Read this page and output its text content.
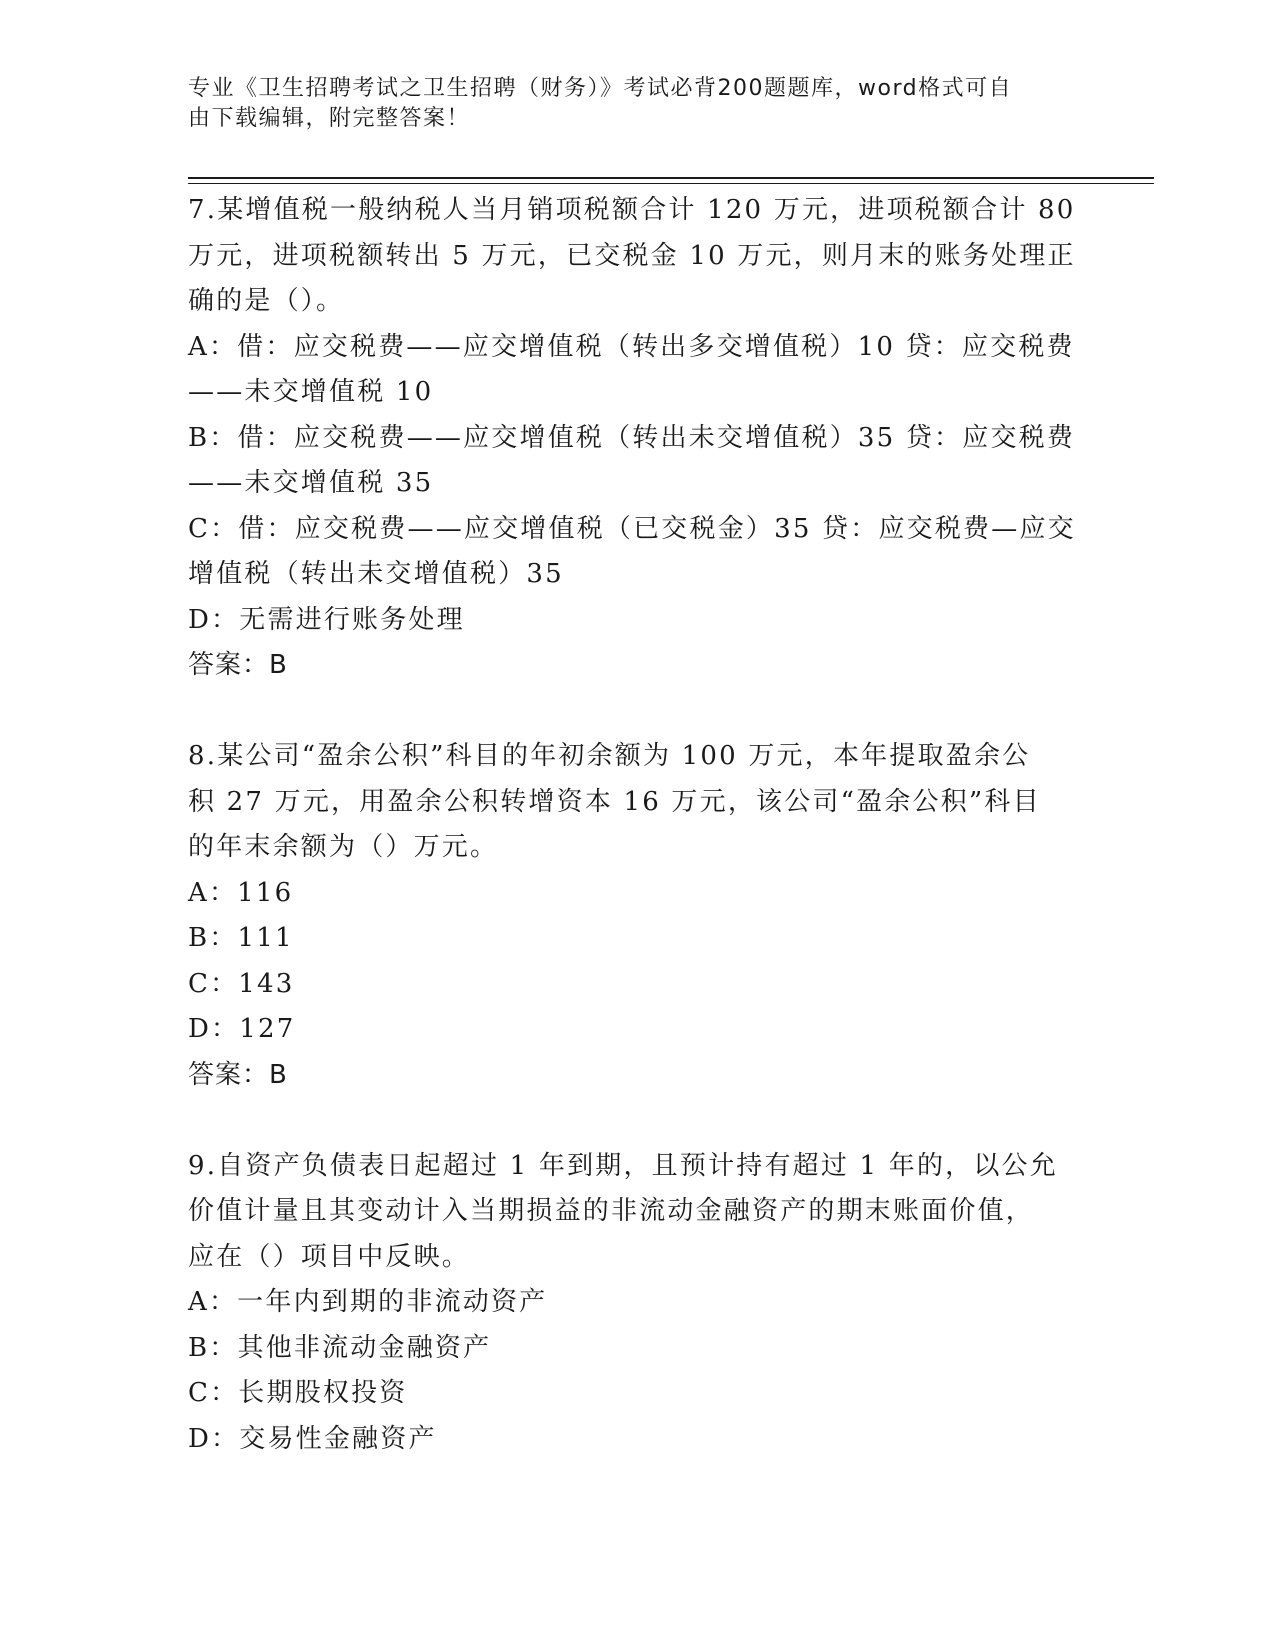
专业《卫生招聘考试之卫生招聘（财务）》考试必背200题题库，word格式可自
由下载编辑，附完整答案！
7.某增值税一般纳税人当月销项税额合计 120 万元，进项税额合计 80
万元，进项税额转出 5 万元，已交税金 10 万元，则月末的账务处理正
确的是（）。
A：借：应交税费——应交增值税（转出多交增值税）10 贷：应交税费
——未交增值税 10
B：借：应交税费——应交增值税（转出未交增值税）35 贷：应交税费
——未交增值税 35
C：借：应交税费——应交增值税（已交税金）35 贷：应交税费—应交
增值税（转出未交增值税）35
D：无需进行账务处理
答案：B
8.某公司“盈余公积”科目的年初余额为 100 万元，本年提取盈余公
积 27 万元，用盈余公积转增资本 16 万元，该公司“盈余公积”科目
的年末余额为（）万元。
A：116
B：111
C：143
D：127
答案：B
9.自资产负债表日起超过 1 年到期，且预计持有超过 1 年的，以公允
价值计量且其变动计入当期损益的非流动金融资产的期末账面价值，
应在（）项目中反映。
A：一年内到期的非流动资产
B：其他非流动金融资产
C：长期股权投资
D：交易性金融资产
